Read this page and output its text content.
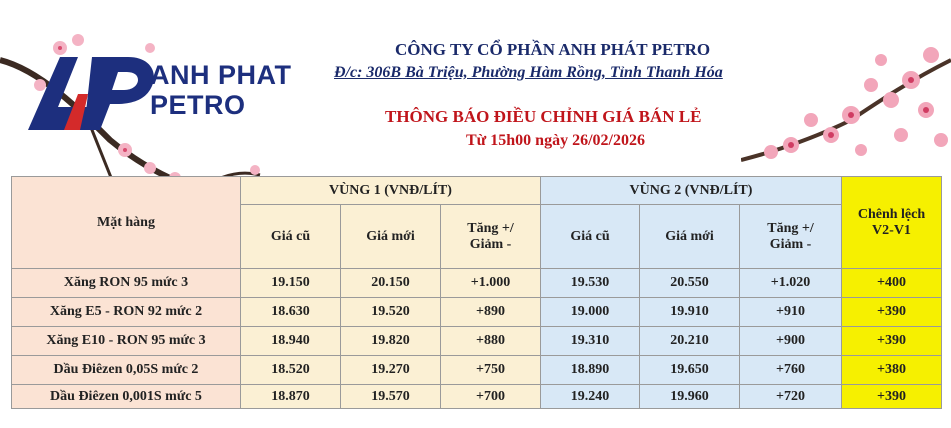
ANH PHAT
PETRO
CÔNG TY CỔ PHẦN ANH PHÁT PETRO
Đ/c: 306B Bà Triệu, Phường Hàm Rồng, Tỉnh Thanh Hóa
THÔNG BÁO ĐIỀU CHỈNH GIÁ BÁN LẺ
Từ 15h00 ngày 26/02/2026
Mặt hàng	VÙNG 1 (VNĐ/LÍT)			VÙNG 2 (VNĐ/LÍT)			Chênh lệch V2-V1
	Giá cũ	Giá mới	Tăng +/ Giảm -	Giá cũ	Giá mới	Tăng +/ Giảm -	
Xăng RON 95 mức 3	19.150	20.150	+1.000	19.530	20.550	+1.020	+400
Xăng E5 - RON 92 mức 2	18.630	19.520	+890	19.000	19.910	+910	+390
Xăng E10 - RON 95 mức 3	18.940	19.820	+880	19.310	20.210	+900	+390
Dầu Điêzen 0,05S mức 2	18.520	19.270	+750	18.890	19.650	+760	+380
Dầu Điêzen 0,001S mức 5	18.870	19.570	+700	19.240	19.960	+720	+390
